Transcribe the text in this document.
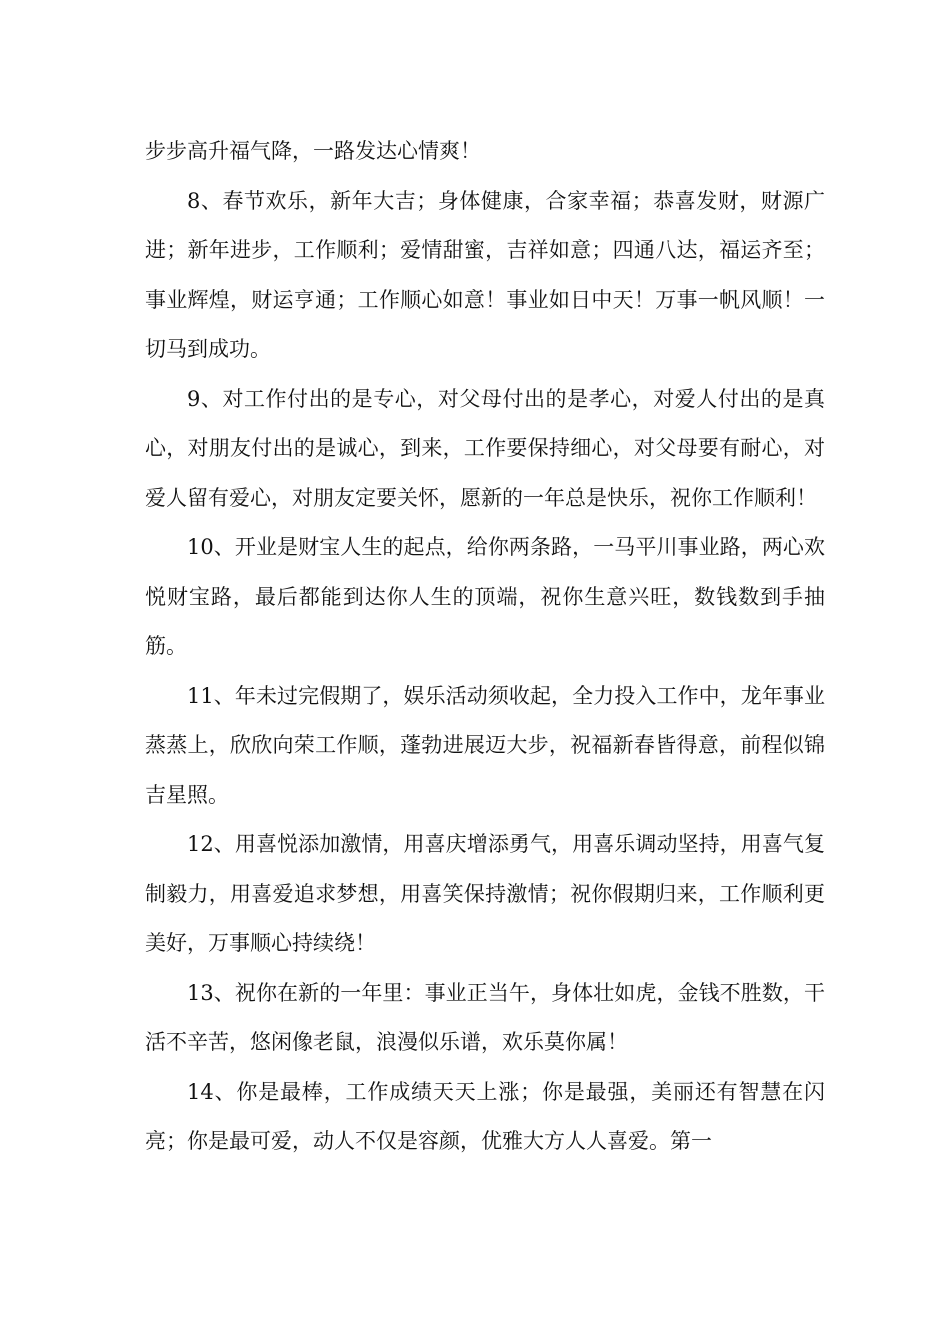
步步高升福气降，一路发达心情爽！

8、春节欢乐，新年大吉；身体健康，合家幸福；恭喜发财，财源广进；新年进步，工作顺利；爱情甜蜜，吉祥如意；四通八达，福运齐至；事业辉煌，财运亨通；工作顺心如意！事业如日中天！万事一帆风顺！一切马到成功。

9、对工作付出的是专心，对父母付出的是孝心，对爱人付出的是真心，对朋友付出的是诚心，到来，工作要保持细心，对父母要有耐心，对爱人留有爱心，对朋友定要关怀，愿新的一年总是快乐，祝你工作顺利！

10、开业是财宝人生的起点，给你两条路，一马平川事业路，两心欢悦财宝路，最后都能到达你人生的顶端，祝你生意兴旺，数钱数到手抽筋。

11、年未过完假期了，娱乐活动须收起，全力投入工作中，龙年事业蒸蒸上，欣欣向荣工作顺，蓬勃进展迈大步，祝福新春皆得意，前程似锦吉星照。

12、用喜悦添加激情，用喜庆增添勇气，用喜乐调动坚持，用喜气复制毅力，用喜爱追求梦想，用喜笑保持激情；祝你假期归来，工作顺利更美好，万事顺心持续绕！

13、祝你在新的一年里：事业正当午，身体壮如虎，金钱不胜数，干活不辛苦，悠闲像老鼠，浪漫似乐谱，欢乐莫你属！

14、你是最棒，工作成绩天天上涨；你是最强，美丽还有智慧在闪亮；你是最可爱，动人不仅是容颜，优雅大方人人喜爱。第一
